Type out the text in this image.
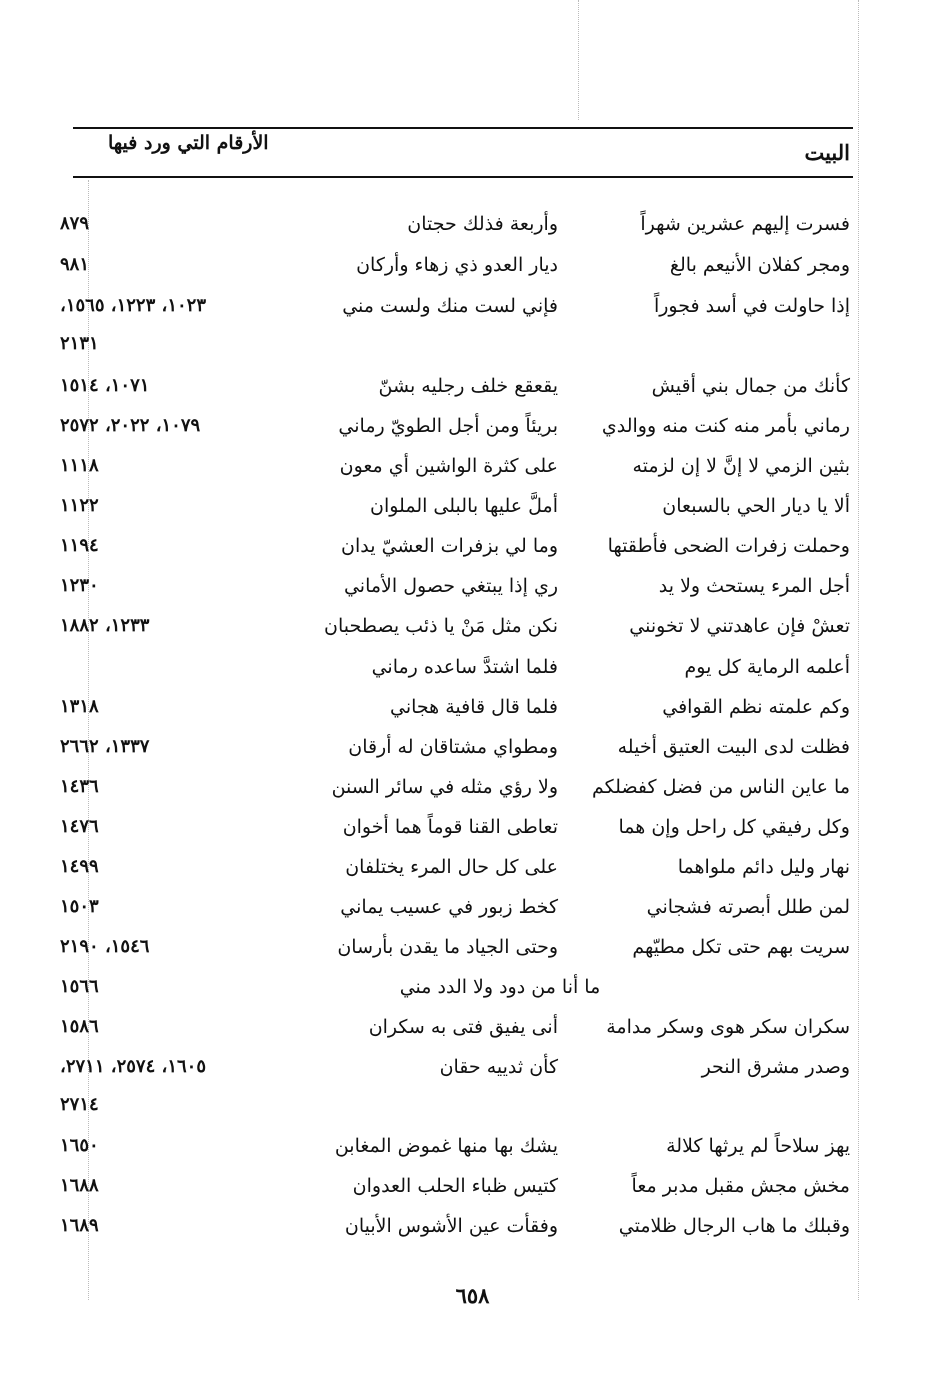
البيت
الأرقام التي ورد فيها
فسرت إليهم عشرين شهراً
وأربعة فذلك حجتان
٨٧٩
ومجر كفلان الأنيعم بالغ
ديار العدو ذي زهاء وأركان
٩٨١
إذا حاولت في أسد فجوراً
فإني لست منك ولست مني
١٠٢٣، ١٢٢٣، ١٥٦٥،
٢١٣١
كأنك من جمال بني أقيش
يقعقع خلف رجليه بشنّ
١٠٧١، ١٥١٤
رماني بأمر منه كنت منه ووالدي
بريئاً ومن أجل الطويّ رماني
١٠٧٩، ٢٠٢٢، ٢٥٧٢
بثين الزمي لا إنَّ لا إن لزمته
على كثرة الواشين أي معون
١١١٨
ألا يا ديار الحي بالسبعان
أملَّ عليها بالبلى الملوان
١١٢٢
وحملت زفرات الضحى فأطقتها
وما لي بزفرات العشيّ يدان
١١٩٤
أجل المرء يستحث ولا يد
ري إذا يبتغي حصول الأماني
١٢٣٠
تعشْ فإن عاهدتني لا تخونني
نكن مثل مَنْ يا ذئب يصطحبان
١٢٣٣، ١٨٨٢
أعلمه الرماية كل يوم
فلما اشتدَّ ساعده رماني
وكم علمته نظم القوافي
فلما قال قافية هجاني
١٣١٨
فظلت لدى البيت العتيق أخيله
ومطواي مشتاقان له أرقان
١٣٣٧، ٢٦٦٢
ما عاين الناس من فضل كفضلكم
ولا رؤي مثله في سائر السنن
١٤٣٦
وكل رفيقي كل راحل وإن هما
تعاطى القنا قوماً هما أخوان
١٤٧٦
نهار وليل دائم ملواهما
على كل حال المرء يختلفان
١٤٩٩
لمن طلل أبصرته فشجاني
كخط زبور في عسيب يماني
١٥٠٣
سريت بهم حتى تكل مطيّهم
وحتى الجياد ما يقدن بأرسان
١٥٤٦، ٢١٩٠
ما أنا من دود ولا الدد مني
١٥٦٦
سكران سكر هوى وسكر مدامة
أنى يفيق فتى به سكران
١٥٨٦
وصدر مشرق النحر
كأن ثدييه حقان
١٦٠٥، ٢٥٧٤، ٢٧١١،
٢٧١٤
يهز سلاحاً لم يرثها كلالة
يشك بها منها غموض المغابن
١٦٥٠
مخش مجش مقبل مدبر معاً
كتيس ظباء الحلب العدوان
١٦٨٨
وقبلك ما هاب الرجال ظلامتي
وفقأت عين الأشوس الأبيان
١٦٨٩
٦٥٨
